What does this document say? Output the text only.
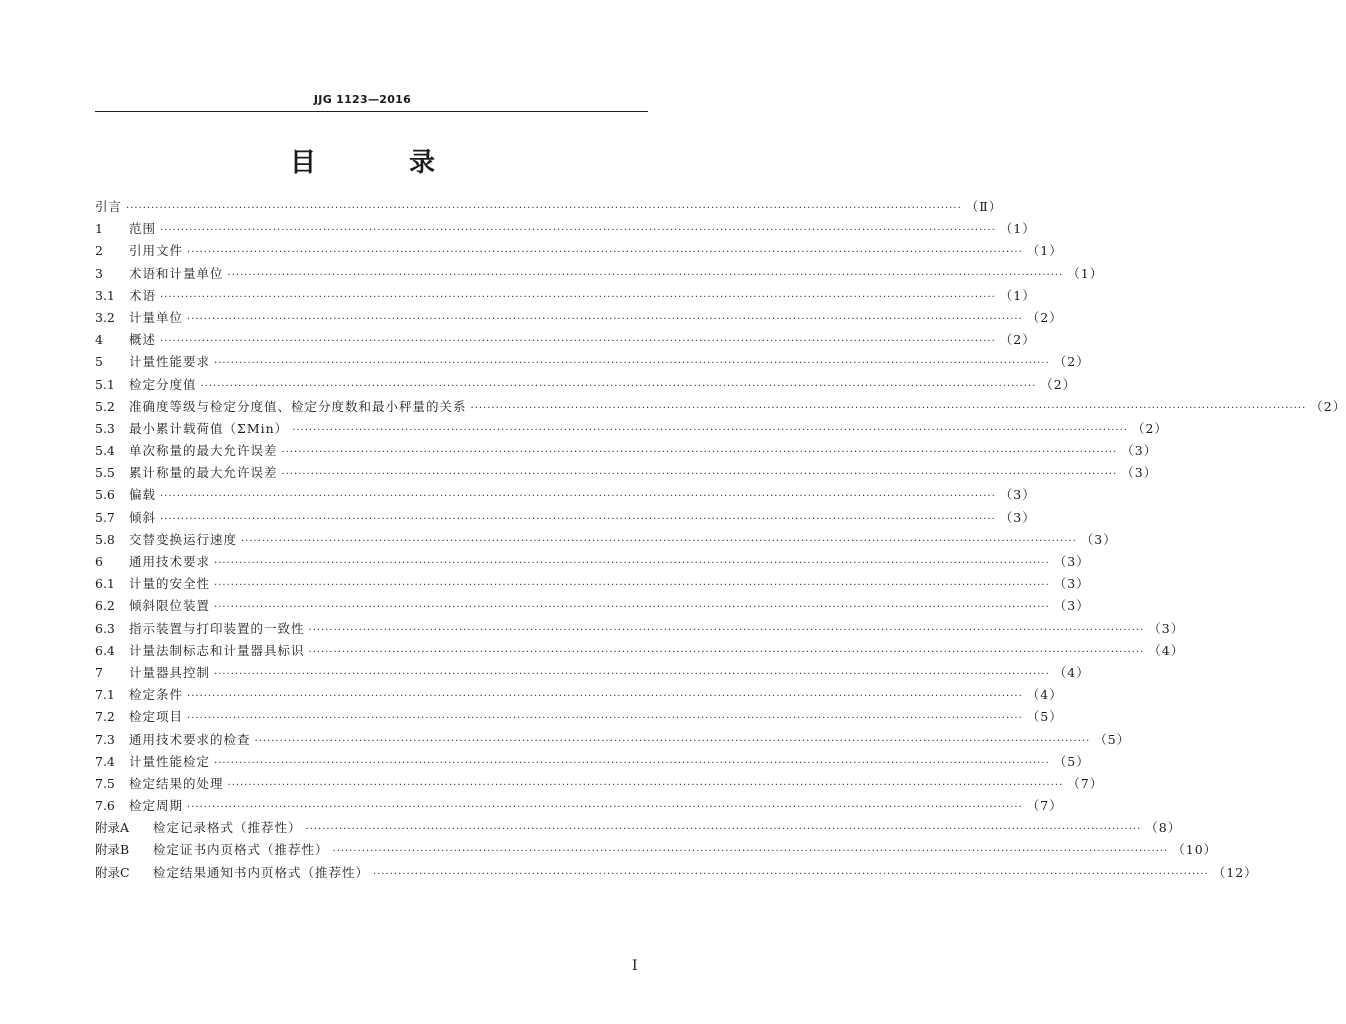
JJG 1123—2016
目 录
引言 ········································································································································································································ （Ⅱ）
1	范围 ········································································································································································································ （1）
2	引用文件 ········································································································································································································ （1）
3	术语和计量单位 ········································································································································································································ （1）
3.1	术语 ········································································································································································································ （1）
3.2	计量单位 ········································································································································································································ （2）
4	概述 ········································································································································································································ （2）
5	计量性能要求 ········································································································································································································ （2）
5.1	检定分度值 ········································································································································································································ （2）
5.2	准确度等级与检定分度值、检定分度数和最小秤量的关系 ········································································································································································································ （2）
5.3	最小累计载荷值（ΣMin） ········································································································································································································ （2）
5.4	单次称量的最大允许误差 ········································································································································································································ （3）
5.5	累计称量的最大允许误差 ········································································································································································································ （3）
5.6	偏载 ········································································································································································································ （3）
5.7	倾斜 ········································································································································································································ （3）
5.8	交替变换运行速度 ········································································································································································································ （3）
6	通用技术要求 ········································································································································································································ （3）
6.1	计量的安全性 ········································································································································································································ （3）
6.2	倾斜限位装置 ········································································································································································································ （3）
6.3	指示装置与打印装置的一致性 ········································································································································································································ （3）
6.4	计量法制标志和计量器具标识 ········································································································································································································ （4）
7	计量器具控制 ········································································································································································································ （4）
7.1	检定条件 ········································································································································································································ （4）
7.2	检定项目 ········································································································································································································ （5）
7.3	通用技术要求的检查 ········································································································································································································ （5）
7.4	计量性能检定 ········································································································································································································ （5）
7.5	检定结果的处理 ········································································································································································································ （7）
7.6	检定周期 ········································································································································································································ （7）
附录A	检定记录格式（推荐性） ········································································································································································································ （8）
附录B	检定证书内页格式（推荐性） ········································································································································································································ （10）
附录C	检定结果通知书内页格式（推荐性） ········································································································································································································ （12）
Ⅰ
